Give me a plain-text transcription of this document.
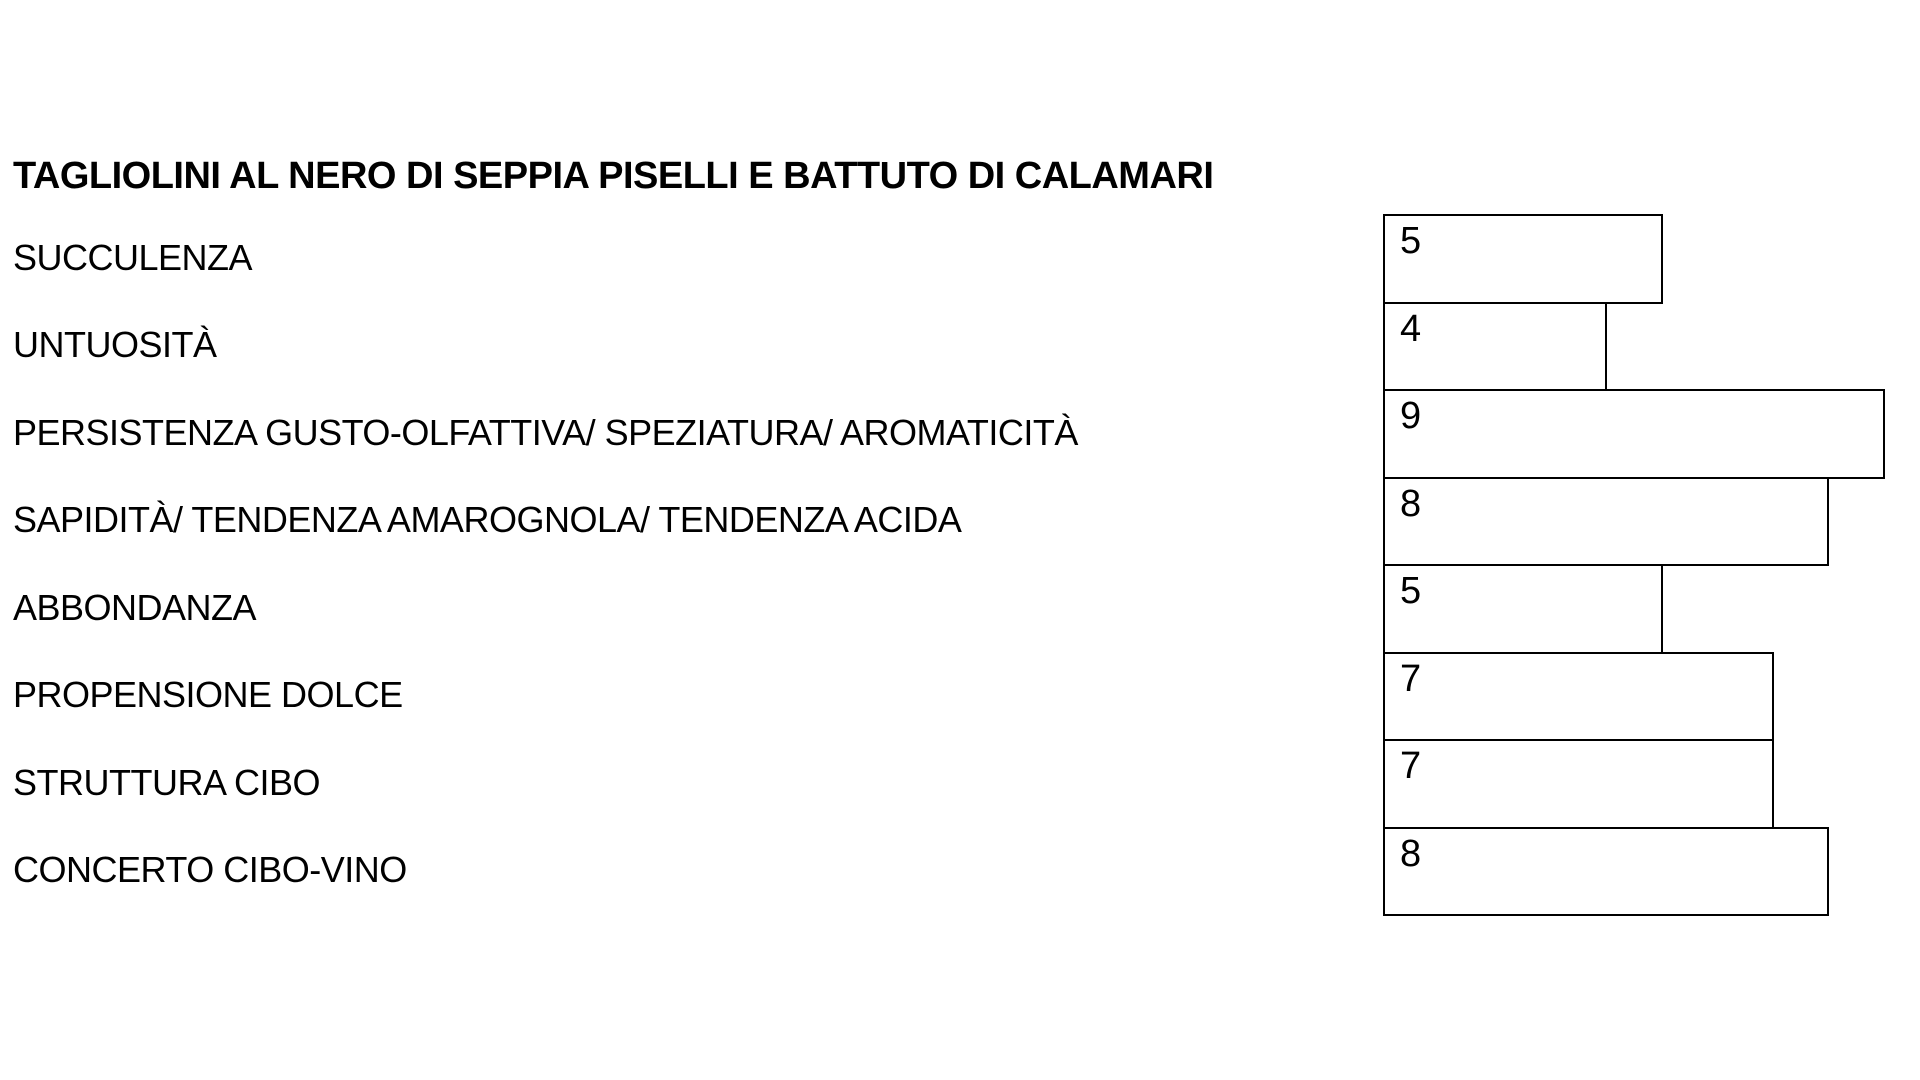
TAGLIOLINI AL NERO DI SEPPIA PISELLI E BATTUTO DI CALAMARI
SUCCULENZA	5
UNTUOSITÀ	4
PERSISTENZA GUSTO-OLFATTIVA/ SPEZIATURA/ AROMATICITÀ	9
SAPIDITÀ/ TENDENZA AMAROGNOLA/ TENDENZA ACIDA	8
ABBONDANZA	5
PROPENSIONE DOLCE	7
STRUTTURA CIBO	7
CONCERTO CIBO-VINO	8
